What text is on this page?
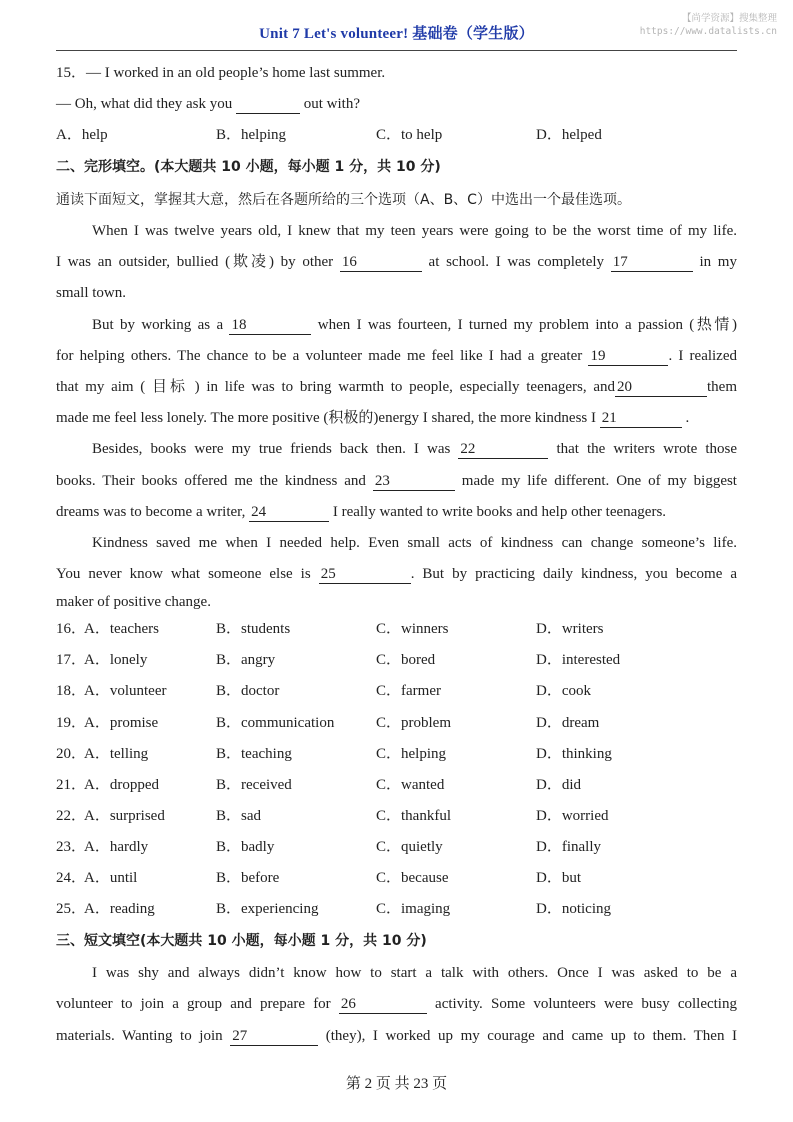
Unit 7 Let's volunteer! 基础卷（学生版）
【尚学资源】搜集整理
https://www.datalists.cn
15．— I worked in an old people’s home last summer.
— Oh, what did they ask you	out with?
A．help	B．helping	C．to help	D．helped
二、完形填空。(本大题共 10 小题，每小题 1 分，共 10 分)
通读下面短文，掌握其大意，然后在各题所给的三个选项（A、B、C）中选出一个最佳选项。
When I was twelve years old, I knew that my teen years were going to be the worst time of my life.
I was an outsider, bullied (欺凌) by other 16	at school. I was completely 17	in my
small town.
But by working as a 18	when I was fourteen, I turned my problem into a passion (热情)
for helping others. The chance to be a volunteer made me feel like I had a greater 19	. I realized
that my aim ( 目标 ) in life was to bring warmth to people, especially teenagers, and 20	them
made me feel less lonely. The more positive (积极的)energy I shared, the more kindness I 21	.
Besides, books were my true friends back then. I was 22	that the writers wrote those
books. Their books offered me the kindness and 23	made my life different. One of my biggest
dreams was to become a writer, 24	I really wanted to write books and help other teenagers.
Kindness saved me when I needed help. Even small acts of kindness can change someone’s life.
You never know what someone else is 25	. But by practicing daily kindness, you become a
maker of positive change.
16．
A．teachers	B．students	C．winners	D．writers
17．
A．lonely	B．angry	C．bored	D．interested
18．
A．volunteer	B．doctor	C．farmer	D．cook
19．
A．promise	B．communication	C．problem	D．dream
20．
A．telling	B．teaching	C．helping	D．thinking
21．
A．dropped	B．received	C．wanted	D．did
22．
A．surprised	B．sad	C．thankful	D．worried
23．
A．hardly	B．badly	C．quietly	D．finally
24．
A．until	B．before	C．because	D．but
25．
A．reading	B．experiencing	C．imaging	D．noticing
三、短文填空(本大题共 10 小题，每小题 1 分，共 10 分)
I was shy and always didn’t know how to start a talk with others. Once I was asked to be a
volunteer to join a group and prepare for 26	activity. Some volunteers were busy collecting
materials. Wanting to join 27	(they), I worked up my courage and came up to them. Then I
第 2 页 共 23 页
